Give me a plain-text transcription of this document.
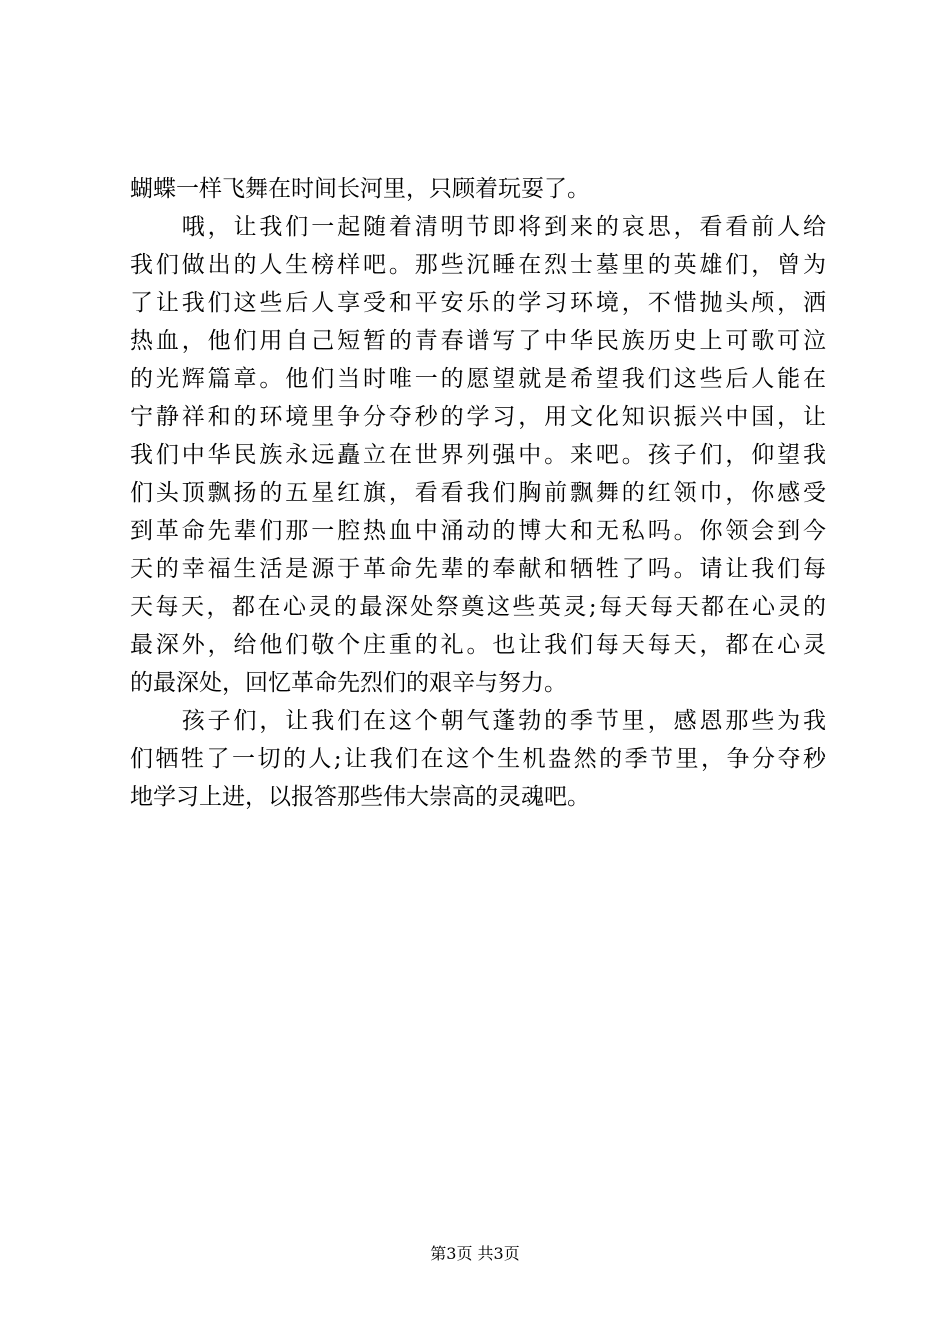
蝴蝶一样飞舞在时间长河里，只顾着玩耍了。
　　哦，让我们一起随着清明节即将到来的哀思，看看前人给
我们做出的人生榜样吧。那些沉睡在烈士墓里的英雄们，曾为
了让我们这些后人享受和平安乐的学习环境，不惜抛头颅，洒
热血，他们用自己短暂的青春谱写了中华民族历史上可歌可泣
的光辉篇章。他们当时唯一的愿望就是希望我们这些后人能在
宁静祥和的环境里争分夺秒的学习，用文化知识振兴中国，让
我们中华民族永远矗立在世界列强中。来吧。孩子们，仰望我
们头顶飘扬的五星红旗，看看我们胸前飘舞的红领巾，你感受
到革命先辈们那一腔热血中涌动的博大和无私吗。你领会到今
天的幸福生活是源于革命先辈的奉献和牺牲了吗。请让我们每
天每天，都在心灵的最深处祭奠这些英灵;每天每天都在心灵的
最深外，给他们敬个庄重的礼。也让我们每天每天，都在心灵
的最深处，回忆革命先烈们的艰辛与努力。
　　孩子们，让我们在这个朝气蓬勃的季节里，感恩那些为我
们牺牲了一切的人;让我们在这个生机盎然的季节里，争分夺秒
地学习上进，以报答那些伟大崇高的灵魂吧。
第3页 共3页
